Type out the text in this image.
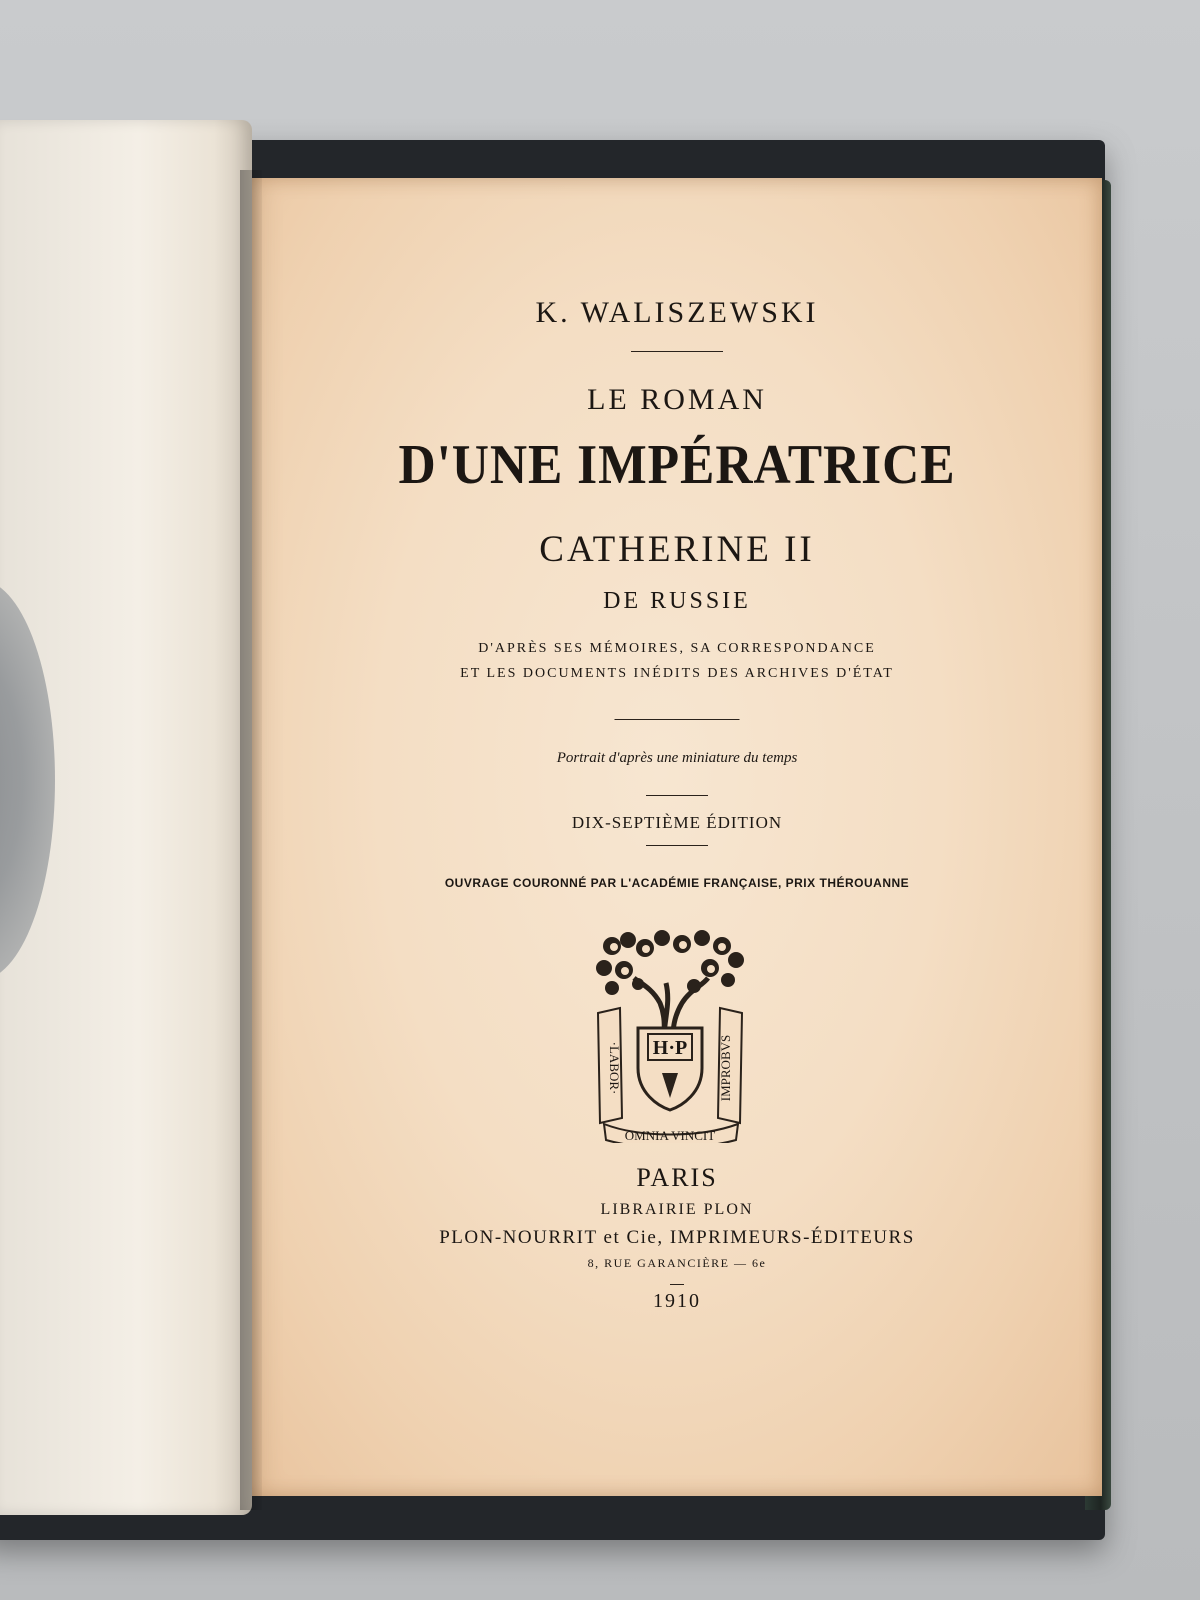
K. WALISZEWSKI
LE ROMAN
D'UNE IMPÉRATRICE
CATHERINE II
DE RUSSIE
D'APRÈS SES MÉMOIRES, SA CORRESPONDANCE
ET LES DOCUMENTS INÉDITS DES ARCHIVES D'ÉTAT
Portrait d'après une miniature du temps
DIX-SEPTIÈME ÉDITION
OUVRAGE COURONNÉ PAR L'ACADÉMIE FRANÇAISE, PRIX THÉROUANNE
H·P
·LABOR·	IMPROBVS
OMNIA VINCIT
PARIS
LIBRAIRIE PLON
PLON-NOURRIT et Cie, IMPRIMEURS-ÉDITEURS
8, RUE GARANCIÈRE — 6e
1910
